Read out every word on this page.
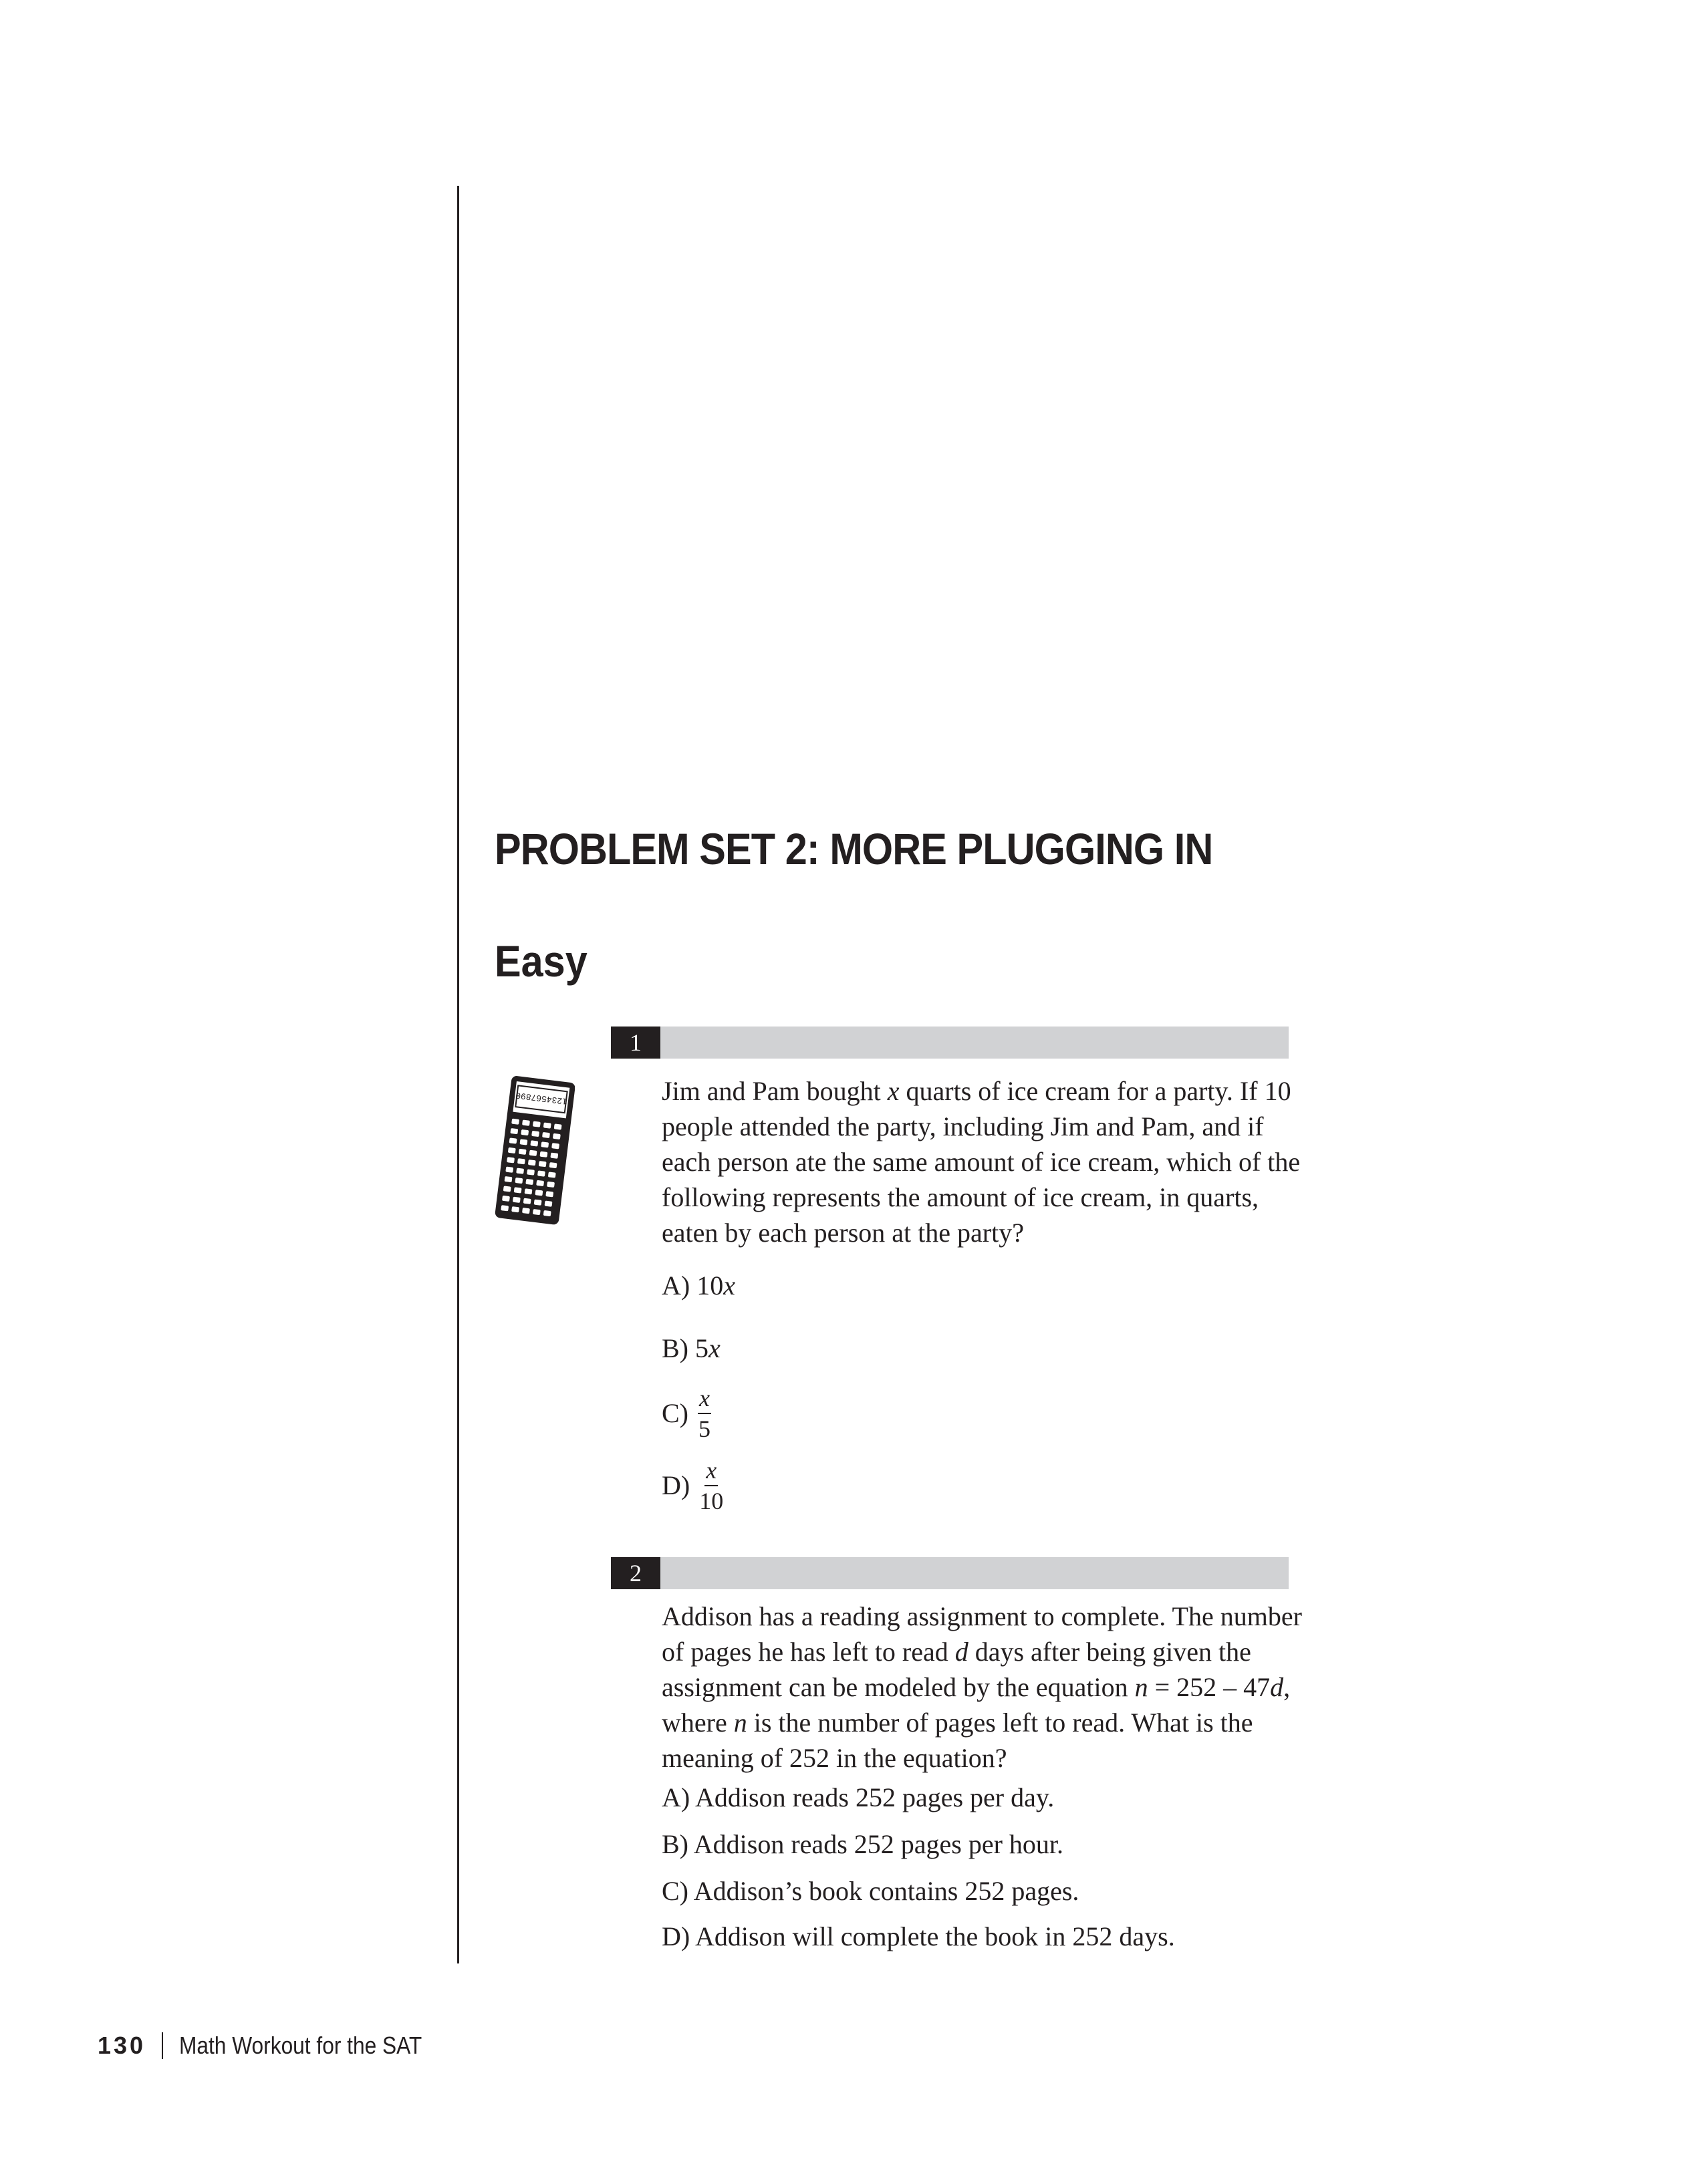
PROBLEM SET 2: MORE PLUGGING IN
Easy
1
1234567890	Jim and Pam bought x quarts of ice cream for a party. If 10 people attended the party, including Jim and Pam, and if each person ate the same amount of ice cream, which of the following represents the amount of ice cream, in quarts, eaten by each person at the party?
A) 10x
B) 5x
$C) \frac{x}{5}$
$D) \frac{x}{10}$
2
Addison has a reading assignment to complete. The number of pages he has left to read d days after being given the assignment can be modeled by the equation n = 252 – 47d, where n is the number of pages left to read. What is the meaning of 252 in the equation?
A) Addison reads 252 pages per day.
B) Addison reads 252 pages per hour.
C) Addison’s book contains 252 pages.
D) Addison will complete the book in 252 days.
130 Math Workout for the SAT
